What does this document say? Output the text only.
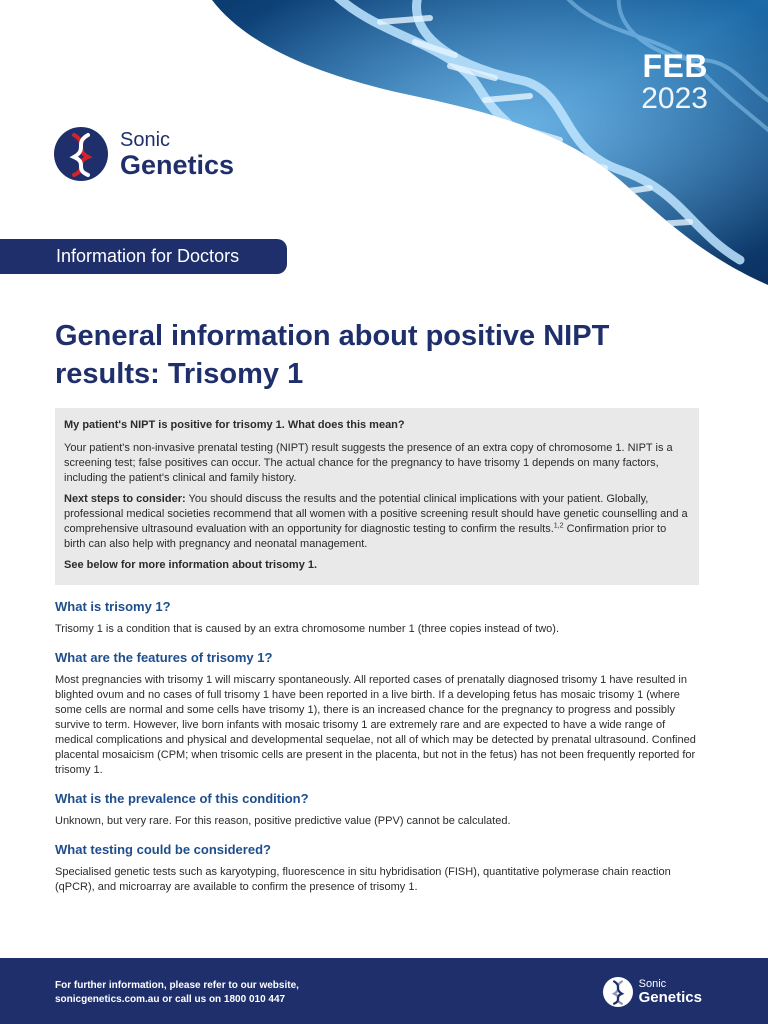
FEB
2023
Sonic
Genetics
Information for Doctors
General information about positive NIPT results: Trisomy 1

My patient's NIPT is positive for trisomy 1. What does this mean?

Your patient's non-invasive prenatal testing (NIPT) result suggests the presence of an extra copy of chromosome 1. NIPT is a screening test; false positives can occur. The actual chance for the pregnancy to have trisomy 1 depends on many factors, including the patient's clinical and family history.

Next steps to consider: You should discuss the results and the potential clinical implications with your patient. Globally, professional medical societies recommend that all women with a positive screening result should have genetic counselling and a comprehensive ultrasound evaluation with an opportunity for diagnostic testing to confirm the results.$^{1,2}$ Confirmation prior to birth can also help with pregnancy and neonatal management.

See below for more information about trisomy 1.

What is trisomy 1?

Trisomy 1 is a condition that is caused by an extra chromosome number 1 (three copies instead of two).

What are the features of trisomy 1?

Most pregnancies with trisomy 1 will miscarry spontaneously. All reported cases of prenatally diagnosed trisomy 1 have resulted in blighted ovum and no cases of full trisomy 1 have been reported in a live birth. If a developing fetus has mosaic trisomy 1 (where some cells are normal and some cells have trisomy 1), there is an increased chance for the pregnancy to progress and possibly survive to term. However, live born infants with mosaic trisomy 1 are extremely rare and are expected to have a wide range of medical complications and physical and developmental sequelae, not all of which may be detected by prenatal ultrasound. Confined placental mosaicism (CPM; when trisomic cells are present in the placenta, but not in the fetus) has not been frequently reported for trisomy 1.

What is the prevalence of this condition?

Unknown, but very rare. For this reason, positive predictive value (PPV) cannot be calculated.

What testing could be considered?

Specialised genetic tests such as karyotyping, fluorescence in situ hybridisation (FISH), quantitative polymerase chain reaction (qPCR), and microarray are available to confirm the presence of trisomy 1.

For further information, please refer to our website,
sonicgenetics.com.au or call us on 1800 010 447
Sonic
Genetics
